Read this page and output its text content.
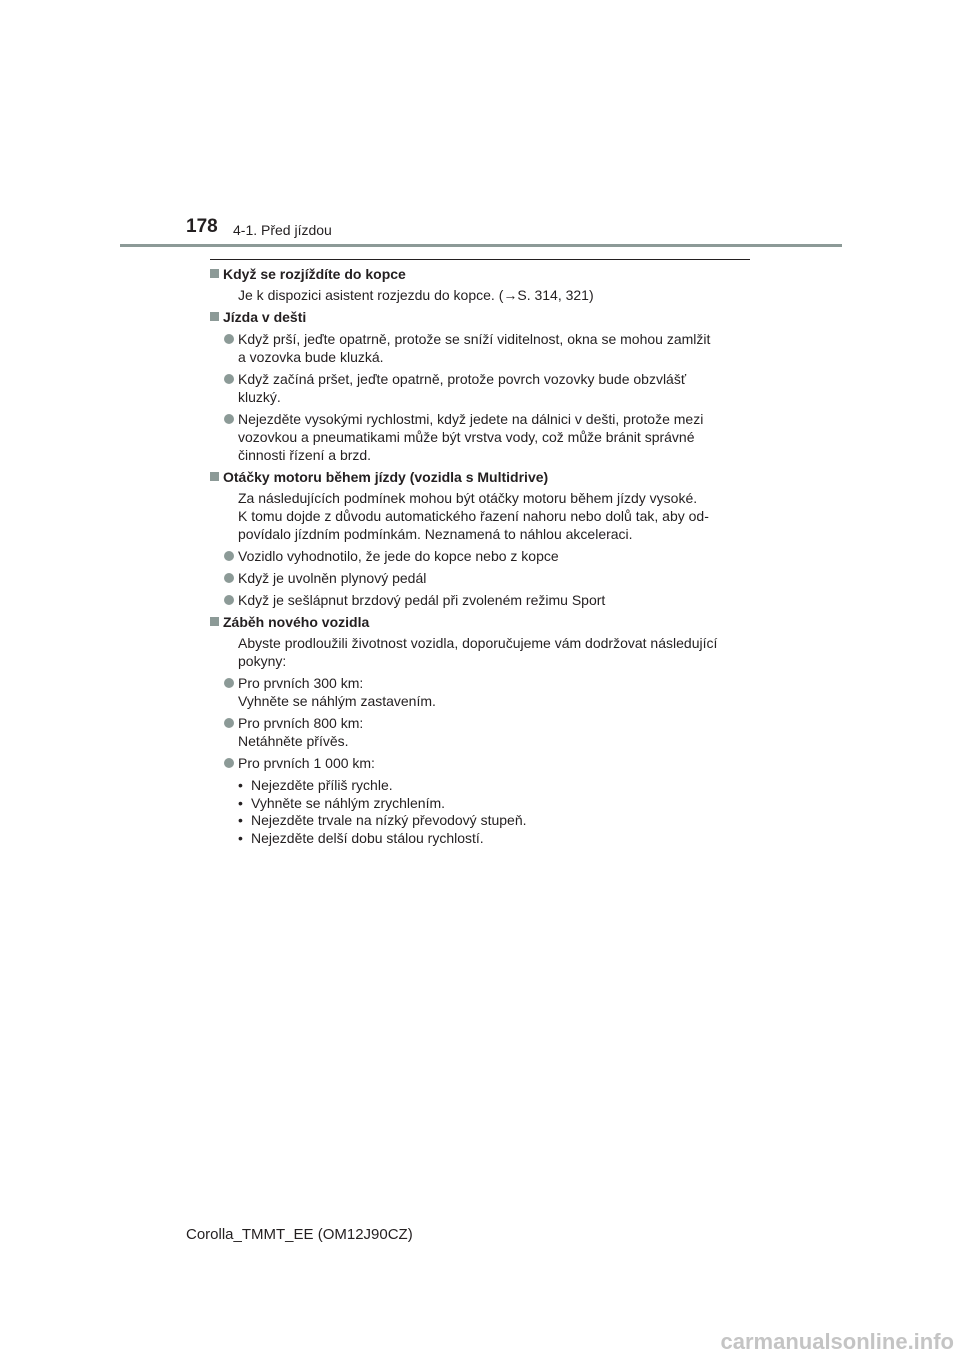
178 4-1. Před jízdou
Když se rozjíždíte do kopce
Je k dispozici asistent rozjezdu do kopce. (→S. 314, 321)
Jízda v dešti
Když prší, jeďte opatrně, protože se sníží viditelnost, okna se mohou zamlžit
a vozovka bude kluzká.
Když začíná pršet, jeďte opatrně, protože povrch vozovky bude obzvlášť
kluzký.
Nejezděte vysokými rychlostmi, když jedete na dálnici v dešti, protože mezi
vozovkou a pneumatikami může být vrstva vody, což může bránit správné
činnosti řízení a brzd.
Otáčky motoru během jízdy (vozidla s Multidrive)
Za následujících podmínek mohou být otáčky motoru během jízdy vysoké.
K tomu dojde z důvodu automatického řazení nahoru nebo dolů tak, aby od-
povídalo jízdním podmínkám. Neznamená to náhlou akceleraci.
Vozidlo vyhodnotilo, že jede do kopce nebo z kopce
Když je uvolněn plynový pedál
Když je sešlápnut brzdový pedál při zvoleném režimu Sport
Záběh nového vozidla
Abyste prodloužili životnost vozidla, doporučujeme vám dodržovat následující
pokyny:
Pro prvních 300 km:
Vyhněte se náhlým zastavením.
Pro prvních 800 km:
Netáhněte přívěs.
Pro prvních 1 000 km:
• Nejezděte příliš rychle.
• Vyhněte se náhlým zrychlením.
• Nejezděte trvale na nízký převodový stupeň.
• Nejezděte delší dobu stálou rychlostí.
Corolla_TMMT_EE (OM12J90CZ)
carmanualsonline.info
